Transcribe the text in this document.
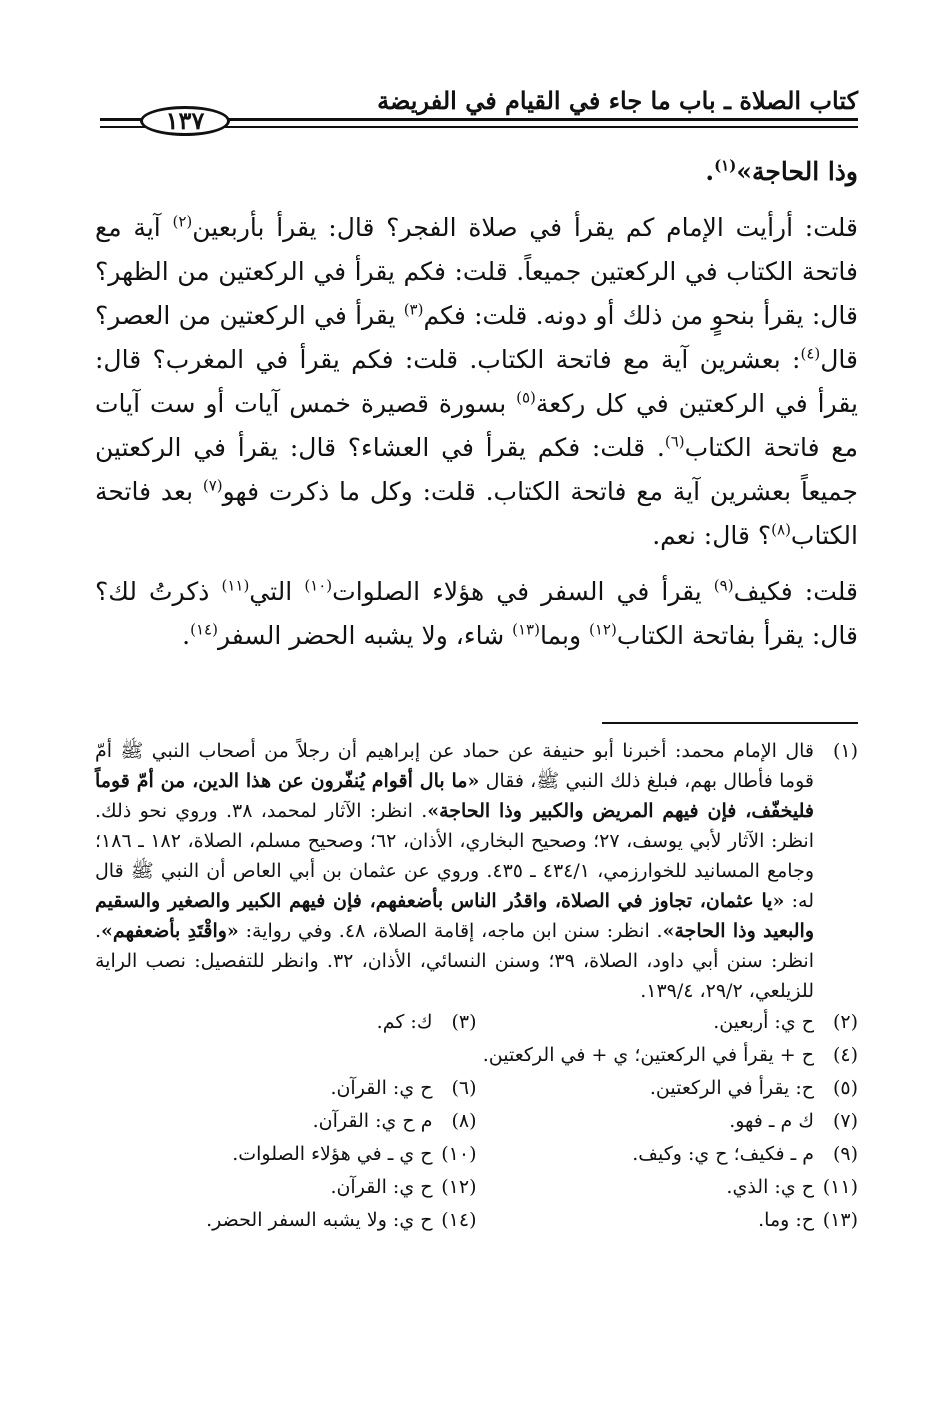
كتاب الصلاة ـ باب ما جاء في القيام في الفريضة
١٣٧

وذا الحاجة»$^{(١)}$.

قلت: أرأيت الإمام كم يقرأ في صلاة الفجر؟ قال: يقرأ بأربعين$^{(٢)}$ آية مع فاتحة الكتاب في الركعتين جميعاً. قلت: فكم يقرأ في الركعتين من الظهر؟ قال: يقرأ بنحوٍ من ذلك أو دونه. قلت: فكم$^{(٣)}$ يقرأ في الركعتين من العصر؟ قال$^{(٤)}$: بعشرين آية مع فاتحة الكتاب. قلت: فكم يقرأ في المغرب؟ قال: يقرأ في الركعتين في كل ركعة$^{(٥)}$ بسورة قصيرة خمس آيات أو ست آيات مع فاتحة الكتاب$^{(٦)}$. قلت: فكم يقرأ في العشاء؟ قال: يقرأ في الركعتين جميعاً بعشرين آية مع فاتحة الكتاب. قلت: وكل ما ذكرت فهو$^{(٧)}$ بعد فاتحة الكتاب$^{(٨)}$؟ قال: نعم.

قلت: فكيف$^{(٩)}$ يقرأ في السفر في هؤلاء الصلوات$^{(١٠)}$ التي$^{(١١)}$ ذكرتُ لك؟ قال: يقرأ بفاتحة الكتاب$^{(١٢)}$ وبما$^{(١٣)}$ شاء، ولا يشبه الحضر السفر$^{(١٤)}$.

(١)
قال الإمام محمد: أخبرنا أبو حنيفة عن حماد عن إبراهيم أن رجلاً من أصحاب النبي ﷺ أمّ قوما فأطال بهم، فبلغ ذلك النبي ﷺ، فقال «ما بال أقوام يُنفّرون عن هذا الدين، من أمّ قوماً فليخفّف، فإن فيهم المريض والكبير وذا الحاجة». انظر: الآثار لمحمد، ٣٨. وروي نحو ذلك. انظر: الآثار لأبي يوسف، ٢٧؛ وصحيح البخاري، الأذان، ٦٢؛ وصحيح مسلم، الصلاة، ١٨٢ ـ ١٨٦؛ وجامع المسانيد للخوارزمي، ٤٣٤/١ ـ ٤٣٥. وروي عن عثمان بن أبي العاص أن النبي ﷺ قال له: «يا عثمان، تجاوز في الصلاة، واقدُر الناس بأضعفهم، فإن فيهم الكبير والصغير والسقيم والبعيد وذا الحاجة». انظر: سنن ابن ماجه، إقامة الصلاة، ٤٨. وفي رواية: «واقْتَدِ بأضعفهم». انظر: سنن أبي داود، الصلاة، ٣٩؛ وسنن النسائي، الأذان، ٣٢. وانظر للتفصيل: نصب الراية للزيلعي، ٢٩/٢، ١٣٩/٤.
(٢)
ح ي: أربعين.
(٣)
ك: كم.
(٤)
ح + يقرأ في الركعتين؛ ي + في الركعتين.
(٥)
ح: يقرأ في الركعتين.
(٦)
ح ي: القرآن.
(٧)
ك م ـ فهو.
(٨)
م ح ي: القرآن.
(٩)
م ـ فكيف؛ ح ي: وكيف.
(١٠)
ح ي ـ في هؤلاء الصلوات.
(١١)
ح ي: الذي.
(١٢)
ح ي: القرآن.
(١٣)
ح: وما.
(١٤)
ح ي: ولا يشبه السفر الحضر.
